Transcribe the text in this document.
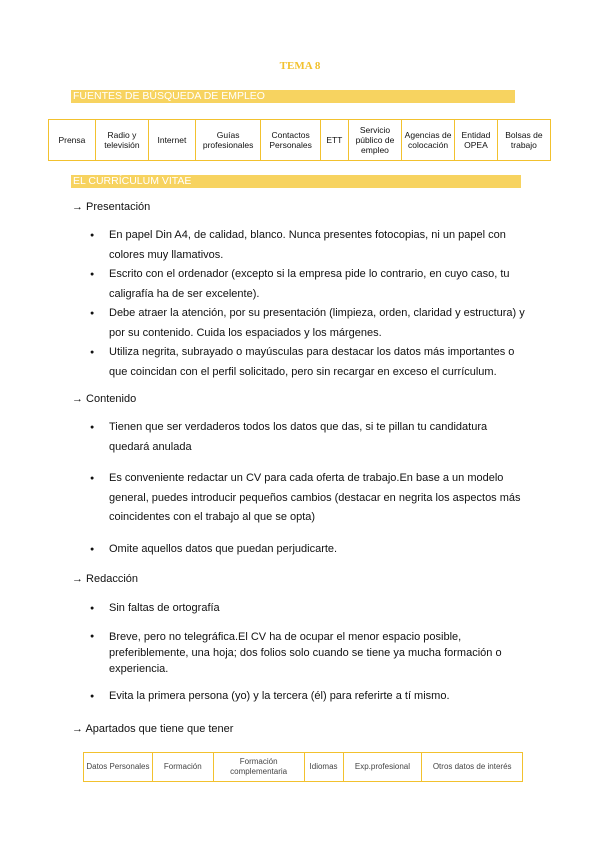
TEMA 8
FUENTES DE BÚSQUEDA DE EMPLEO
Prensa	Radio y televisión	Internet	Guías profesionales	Contactos Personales	ETT	Servicio público de empleo	Agencias de colocación	Entidad OPEA	Bolsas de trabajo
EL CURRÍCULUM VITAE
→ Presentación
● En papel Din A4, de calidad, blanco. Nunca presentes fotocopias, ni un papel con colores muy llamativos.
● Escrito con el ordenador (excepto si la empresa pide lo contrario, en cuyo caso, tu caligrafía ha de ser excelente).
● Debe atraer la atención, por su presentación (limpieza, orden, claridad y estructura) y por su contenido. Cuida los espaciados y los márgenes.
● Utiliza negrita, subrayado o mayúsculas para destacar los datos más importantes o que coincidan con el perfil solicitado, pero sin recargar en exceso el currículum.
→ Contenido
● Tienen que ser verdaderos todos los datos que das, si te pillan tu candidatura quedará anulada
● Es conveniente redactar un CV para cada oferta de trabajo.En base a un modelo general, puedes introducir pequeños cambios (destacar en negrita los aspectos más coincidentes con el trabajo al que se opta)
● Omite aquellos datos que puedan perjudicarte.
→ Redacción
● Sin faltas de ortografía
● Breve, pero no telegráfica.El CV ha de ocupar el menor espacio posible, preferiblemente, una hoja; dos folios solo cuando se tiene ya mucha formación o experiencia.
● Evita la primera persona (yo) y la tercera (él) para referirte a tí mismo.
→ Apartados que tiene que tener
Datos Personales	Formación	Formación complementaria	Idiomas	Exp.profesional	Otros datos de interés
